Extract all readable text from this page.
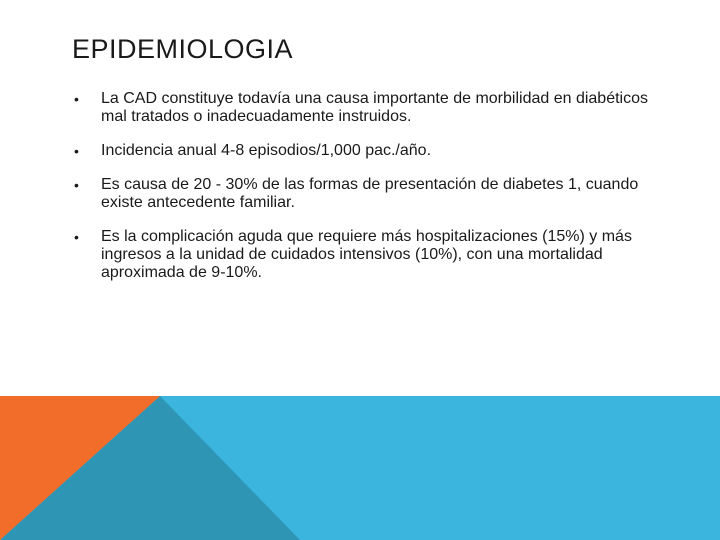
EPIDEMIOLOGIA
•	La CAD constituye todavía una causa importante de morbilidad en diabéticos mal tratados o inadecuadamente instruidos.
•	Incidencia anual 4-8 episodios/1,000 pac./año.
•	Es causa de 20 - 30% de las formas de presentación de diabetes 1, cuando existe antecedente familiar.
•	Es la complicación aguda que requiere más hospitalizaciones (15%) y más ingresos a la unidad de cuidados intensivos (10%), con una mortalidad aproximada de 9-10%.
